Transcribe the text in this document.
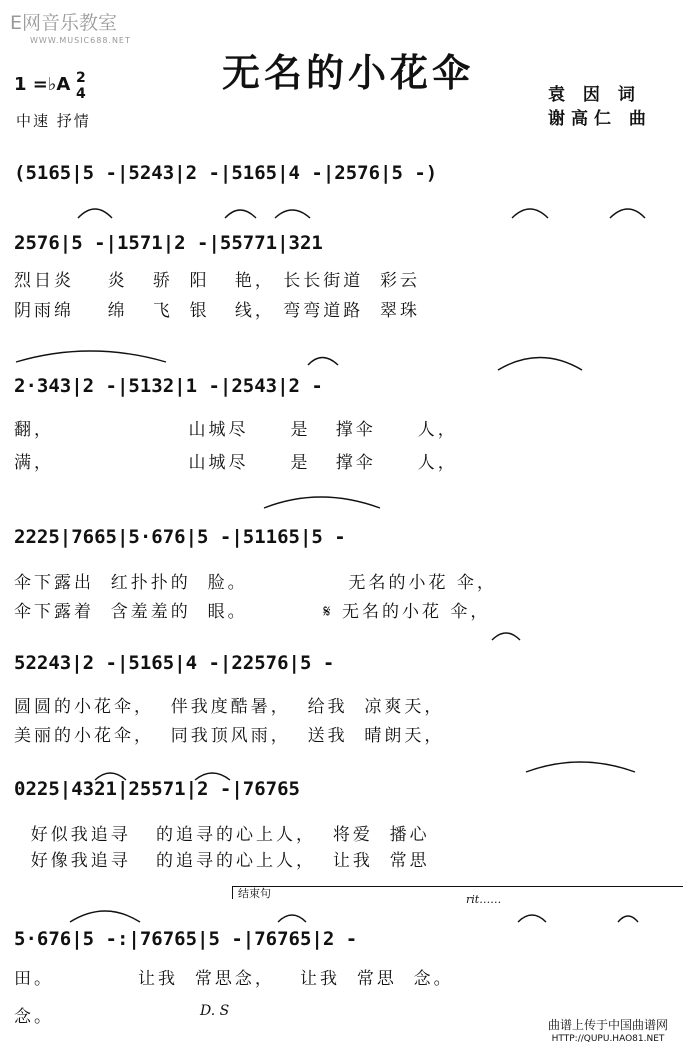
E网音乐教室
WWW.MUSIC688.NET
无名的小花伞	袁 因 词
谢高仁 曲
1 =♭A 2
4
中速 抒情
(5165|5 -|5243|2 -|5165|4 -|2576|5 -)
2576|5 -|1571|2 -|55771|321
烈日炎    炎   骄  阳   艳， 长长街道  彩云
阴雨绵    绵   飞  银   线， 弯弯道路  翠珠
2·343|2 -|5132|1 -|2543|2 -
翻，                山城尽     是   撑伞     人，
满，                山城尽     是   撑伞     人，
2225|7665|5·676|5 -|51165|5 -
伞下露出  红扑扑的  脸。            无名的小花 伞，
伞下露着  含羞羞的  眼。         𝄋 无名的小花 伞，
52243|2 -|5165|4 -|22576|5 -
圆圆的小花伞，  伴我度酷暑，  给我  凉爽天，
美丽的小花伞，  同我顶风雨，  送我  晴朗天，
0225|4321|25571|2 -|76765
好似我追寻   的追寻的心上人，  将爱  播心
好像我追寻   的追寻的心上人，  让我  常思
结束句	rit……
5·676|5 -:|76765|5 -|76765|2 -
田。          让我  常思念，   让我  常思  念。
念。	D. S
曲谱上传于中国曲谱网
HTTP://QUPU.HAO81.NET
